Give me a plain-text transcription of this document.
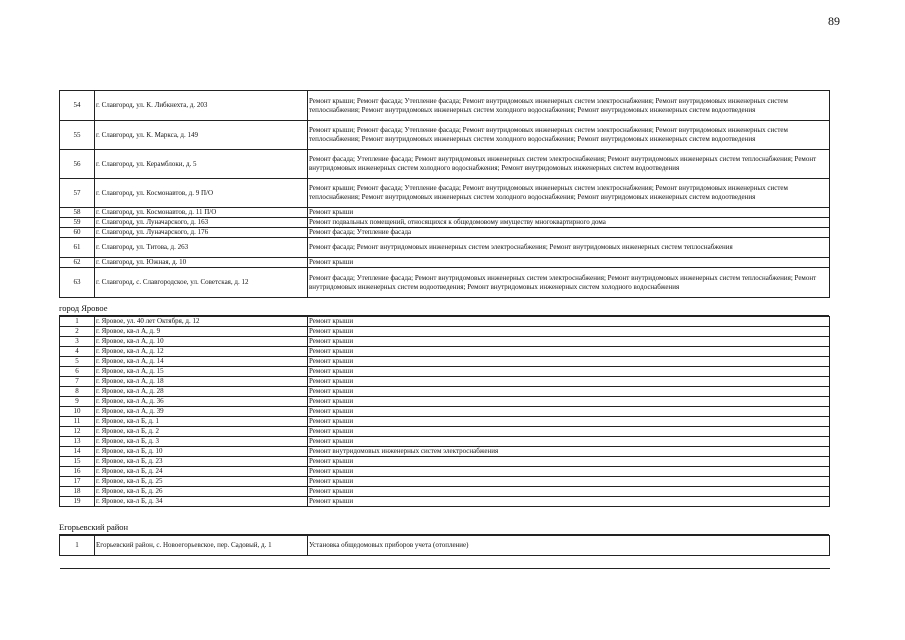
89
54	г. Славгород, ул. К. Либкнехта, д. 203	Ремонт крыши; Ремонт фасада; Утепление фасада; Ремонт внутридомовых инженерных систем электроснабжения; Ремонт внутридомовых инженерных систем теплоснабжения; Ремонт внутридомовых инженерных систем холодного водоснабжения; Ремонт внутридомовых инженерных систем водоотведения
55	г. Славгород, ул. К. Маркса, д. 149	Ремонт крыши; Ремонт фасада; Утепление фасада; Ремонт внутридомовых инженерных систем электроснабжения; Ремонт внутридомовых инженерных систем теплоснабжения; Ремонт внутридомовых инженерных систем холодного водоснабжения; Ремонт внутридомовых инженерных систем водоотведения
56	г. Славгород, ул. Керамблоки, д. 5	Ремонт фасада; Утепление фасада; Ремонт внутридомовых инженерных систем электроснабжения; Ремонт внутридомовых инженерных систем теплоснабжения; Ремонт внутридомовых инженерных систем холодного водоснабжения; Ремонт внутридомовых инженерных систем водоотведения
57	г. Славгород, ул. Космонавтов, д. 9 П/О	Ремонт крыши; Ремонт фасада; Утепление фасада; Ремонт внутридомовых инженерных систем электроснабжения; Ремонт внутридомовых инженерных систем теплоснабжения; Ремонт внутридомовых инженерных систем холодного водоснабжения; Ремонт внутридомовых инженерных систем водоотведения
58	г. Славгород, ул. Космонавтов, д. 11 П/О	Ремонт крыши
59	г. Славгород, ул. Луначарского, д. 163	Ремонт подвальных помещений, относящихся к общедомовому имуществу многоквартирного дома
60	г. Славгород, ул. Луначарского, д. 176	Ремонт фасада; Утепление фасада
61	г. Славгород, ул. Титова, д. 263	Ремонт фасада; Ремонт внутридомовых инженерных систем электроснабжения; Ремонт внутридомовых инженерных систем теплоснабжения
62	г. Славгород, ул. Южная, д. 10	Ремонт крыши
63	г. Славгород, с. Славгородское, ул. Советская, д. 12	Ремонт фасада; Утепление фасада; Ремонт внутридомовых инженерных систем электроснабжения; Ремонт внутридомовых инженерных систем теплоснабжения; Ремонт внутридомовых инженерных систем водоотведения; Ремонт внутридомовых инженерных систем холодного водоснабжения
город Яровое
1	г. Яровое, ул. 40 лет Октября, д. 12	Ремонт крыши
2	г. Яровое, кв-л А, д. 9	Ремонт крыши
3	г. Яровое, кв-л А, д. 10	Ремонт крыши
4	г. Яровое, кв-л А, д. 12	Ремонт крыши
5	г. Яровое, кв-л А, д. 14	Ремонт крыши
6	г. Яровое, кв-л А, д. 15	Ремонт крыши
7	г. Яровое, кв-л А, д. 18	Ремонт крыши
8	г. Яровое, кв-л А, д. 28	Ремонт крыши
9	г. Яровое, кв-л А, д. 36	Ремонт крыши
10	г. Яровое, кв-л А, д. 39	Ремонт крыши
11	г. Яровое, кв-л Б, д. 1	Ремонт крыши
12	г. Яровое, кв-л Б, д. 2	Ремонт крыши
13	г. Яровое, кв-л Б, д. 3	Ремонт крыши
14	г. Яровое, кв-л Б, д. 10	Ремонт внутридомовых инженерных систем электроснабжения
15	г. Яровое, кв-л Б, д. 23	Ремонт крыши
16	г. Яровое, кв-л Б, д. 24	Ремонт крыши
17	г. Яровое, кв-л Б, д. 25	Ремонт крыши
18	г. Яровое, кв-л Б, д. 26	Ремонт крыши
19	г. Яровое, кв-л Б, д. 34	Ремонт крыши
Егорьевский район
1	Егорьевский район, с. Новоегорьевское, пер. Садовый, д. 1	Установка общедомовых приборов учета (отопление)
